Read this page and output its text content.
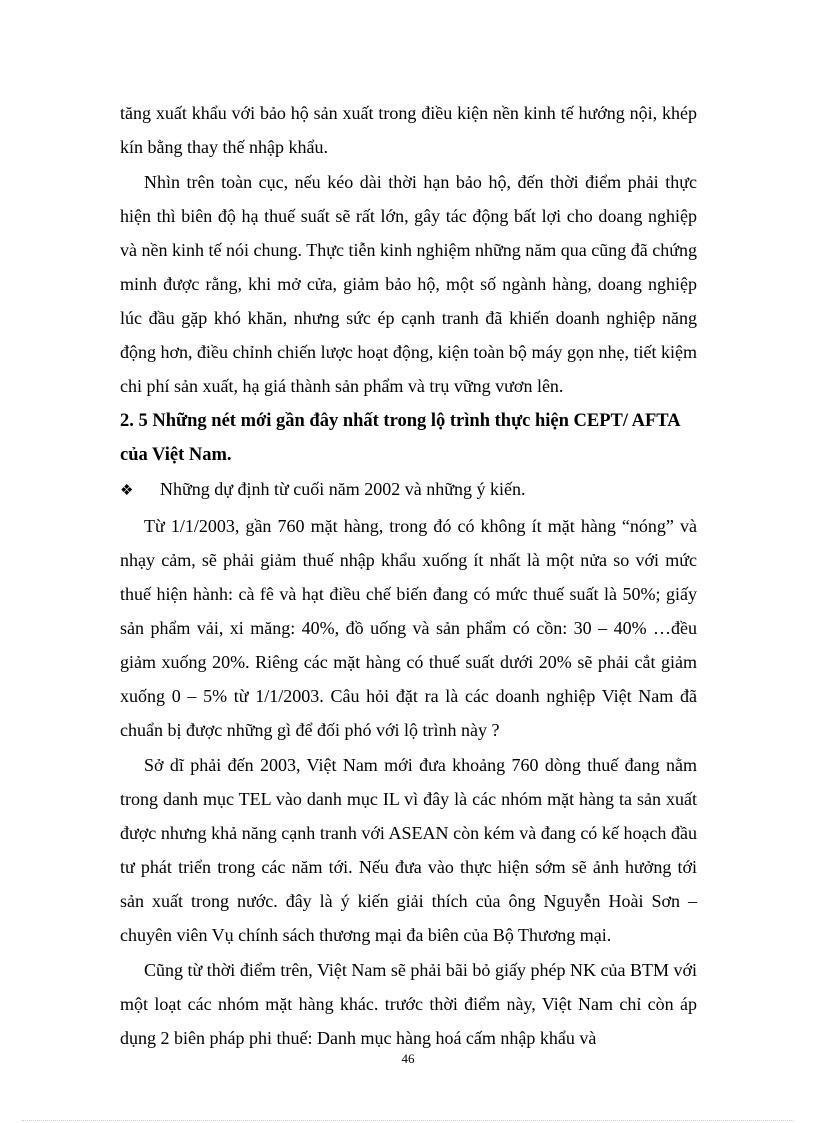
tăng xuất khẩu với bảo hộ sản xuất trong điều kiện nền kinh tế hướng nội, khép kín bằng thay thế nhập khẩu.

Nhìn trên toàn cục, nếu kéo dài thời hạn bảo hộ, đến thời điểm phải thực hiện thì biên độ hạ thuế suất sẽ rất lớn, gây tác động bất lợi cho doang nghiệp và nền kinh tế nói chung. Thực tiễn kinh nghiệm những năm qua cũng đã chứng minh được rằng, khi mở cửa, giảm bảo hộ, một số ngành hàng, doang nghiệp lúc đầu gặp khó khăn, nhưng sức ép cạnh tranh đã khiến doanh nghiệp năng động hơn, điều chỉnh chiến lược hoạt động, kiện toàn bộ máy gọn nhẹ, tiết kiệm chi phí sản xuất, hạ giá thành sản phẩm và trụ vững vươn lên.

2. 5 Những nét mới gần đây nhất trong lộ trình thực hiện CEPT/ AFTA của Việt Nam.

❖	Những dự định từ cuối năm 2002 và những ý kiến.

Từ 1/1/2003, gần 760 mặt hàng, trong đó có không ít mặt hàng “nóng” và nhạy cảm, sẽ phải giảm thuế nhập khẩu xuống ít nhất là một nửa so với mức thuế hiện hành: cà fê và hạt điều chế biến đang có mức thuế suất là 50%; giấy sản phẩm vải, xi măng: 40%, đồ uống và sản phẩm có cồn: 30 – 40% …đều giảm xuống 20%. Riêng các mặt hàng có thuế suất dưới 20% sẽ phải cắt giảm xuống 0 – 5% từ 1/1/2003. Câu hỏi đặt ra là các doanh nghiệp Việt Nam đã chuẩn bị được những gì để đối phó với lộ trình này ?

Sở dĩ phải đến 2003, Việt Nam mới đưa khoảng 760 dòng thuế đang nằm trong danh mục TEL vào danh mục IL vì đây là các nhóm mặt hàng ta sản xuất được nhưng khả năng cạnh tranh với ASEAN còn kém và đang có kế hoạch đầu tư phát triển trong các năm tới. Nếu đưa vào thực hiện sớm sẽ ảnh hưởng tới sản xuất trong nước. đây là ý kiến giải thích của ông Nguyễn Hoài Sơn – chuyên viên Vụ chính sách thương mại đa biên của Bộ Thương mại.

Cũng từ thời điểm trên, Việt Nam sẽ phải bãi bỏ giấy phép NK của BTM với một loạt các nhóm mặt hàng khác. trước thời điểm này, Việt Nam chỉ còn áp dụng 2 biên pháp phi thuế: Danh mục hàng hoá cấm nhập khẩu và

46
